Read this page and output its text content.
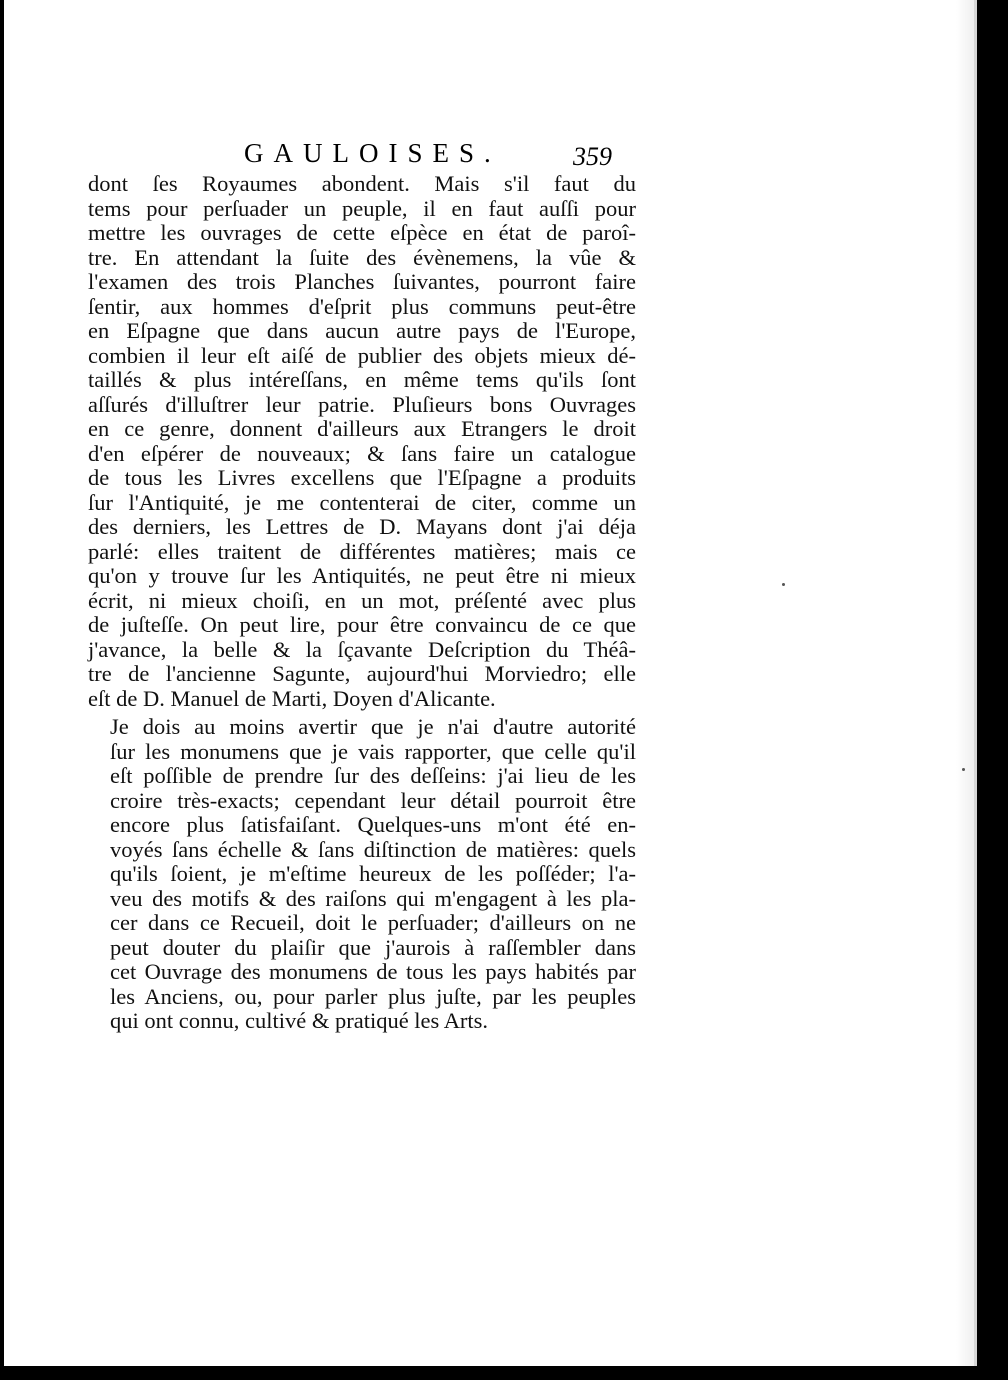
GAULOISES.	359

dont ſes Royaumes abondent. Mais s'il faut du
tems pour perſuader un peuple, il en faut auſſi pour
mettre les ouvrages de cette eſpèce en état de paroî-
tre. En attendant la ſuite des évènemens, la vûe &
l'examen des trois Planches ſuivantes, pourront faire
ſentir, aux hommes d'eſprit plus communs peut-être
en Eſpagne que dans aucun autre pays de l'Europe,
combien il leur eſt aiſé de publier des objets mieux dé-
taillés & plus intéreſſans, en même tems qu'ils ſont
aſſurés d'illuſtrer leur patrie. Pluſieurs bons Ouvrages
en ce genre, donnent d'ailleurs aux Etrangers le droit
d'en eſpérer de nouveaux; & ſans faire un catalogue
de tous les Livres excellens que l'Eſpagne a produits
ſur l'Antiquité, je me contenterai de citer, comme un
des derniers, les Lettres de D. Mayans dont j'ai déja
parlé: elles traitent de différentes matières; mais ce
qu'on y trouve ſur les Antiquités, ne peut être ni mieux
écrit, ni mieux choiſi, en un mot, préſenté avec plus
de juſteſſe. On peut lire, pour être convaincu de ce que
j'avance, la belle & la ſçavante Deſcription du Théâ-
tre de l'ancienne Sagunte, aujourd'hui Morviedro; elle
eſt de D. Manuel de Marti, Doyen d'Alicante.

Je dois au moins avertir que je n'ai d'autre autorité
ſur les monumens que je vais rapporter, que celle qu'il
eſt poſſible de prendre ſur des deſſeins: j'ai lieu de les
croire très-exacts; cependant leur détail pourroit être
encore plus ſatisfaiſant. Quelques-uns m'ont été en-
voyés ſans échelle & ſans diſtinction de matières: quels
qu'ils ſoient, je m'eſtime heureux de les poſſéder; l'a-
veu des motifs & des raiſons qui m'engagent à les pla-
cer dans ce Recueil, doit le perſuader; d'ailleurs on ne
peut douter du plaiſir que j'aurois à raſſembler dans
cet Ouvrage des monumens de tous les pays habités par
les Anciens, ou, pour parler plus juſte, par les peuples
qui ont connu, cultivé & pratiqué les Arts.
